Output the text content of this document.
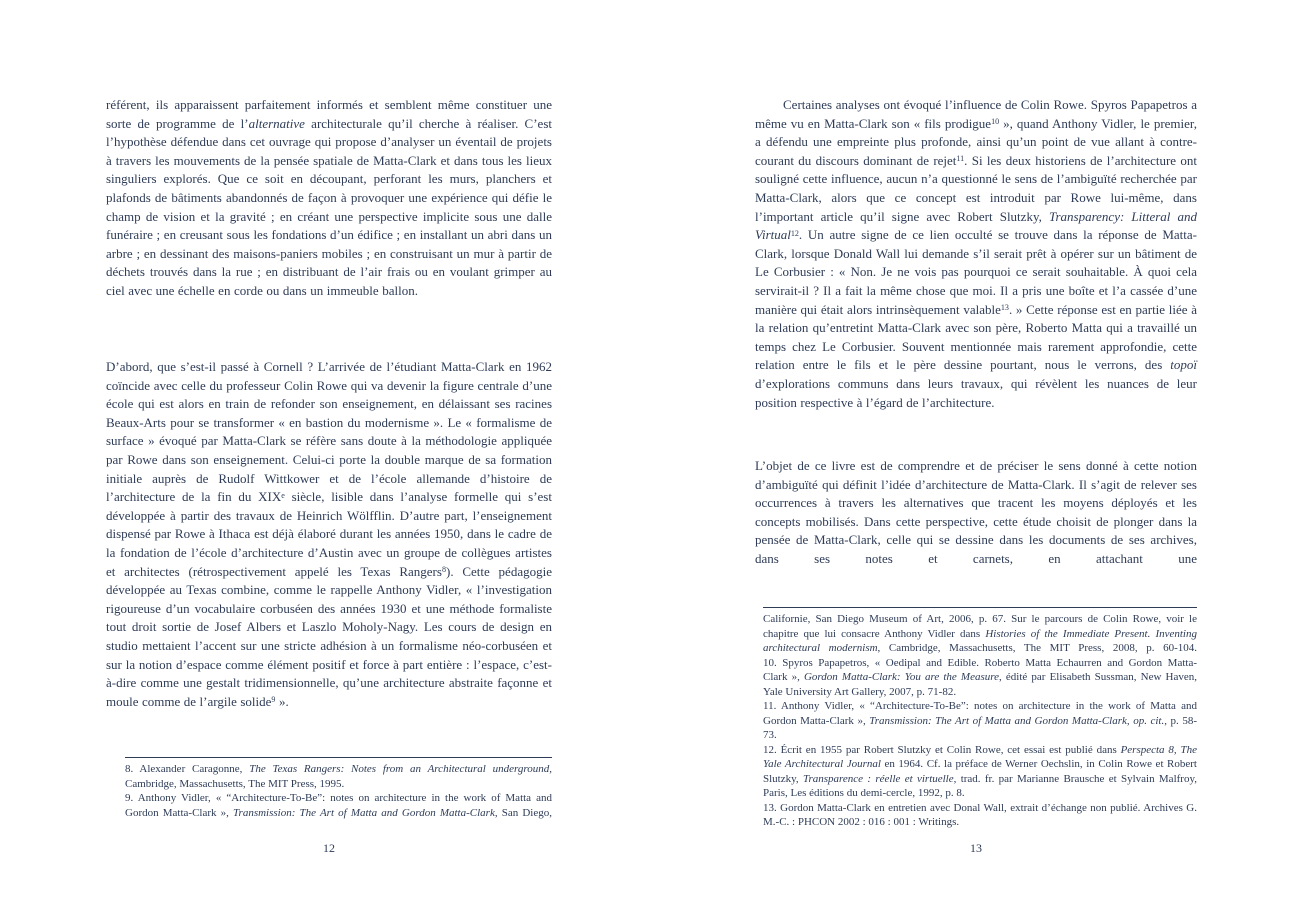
référent, ils apparaissent parfaitement informés et semblent même constituer une sorte de programme de l’alternative architecturale qu’il cherche à réaliser. C’est l’hypothèse défendue dans cet ouvrage qui propose d’analyser un éventail de projets à travers les mouvements de la pensée spatiale de Matta-Clark et dans tous les lieux singuliers explorés. Que ce soit en découpant, perforant les murs, planchers et plafonds de bâtiments abandonnés de façon à provoquer une expérience qui défie le champ de vision et la gravité ; en créant une perspective implicite sous une dalle funéraire ; en creusant sous les fondations d’un édifice ; en installant un abri dans un arbre ; en dessinant des maisons-paniers mobiles ; en construisant un mur à partir de déchets trouvés dans la rue ; en distribuant de l’air frais ou en voulant grimper au ciel avec une échelle en corde ou dans un immeuble ballon.

D’abord, que s’est-il passé à Cornell ? L’arrivée de l’étudiant Matta-Clark en 1962 coïncide avec celle du professeur Colin Rowe qui va devenir la figure centrale d’une école qui est alors en train de refonder son enseignement, en délaissant ses racines Beaux-Arts pour se transformer « en bastion du modernisme ». Le « formalisme de surface » évoqué par Matta-Clark se réfère sans doute à la méthodologie appliquée par Rowe dans son enseignement. Celui-ci porte la double marque de sa formation initiale auprès de Rudolf Wittkower et de l’école allemande d’histoire de l’architecture de la fin du XIXe siècle, lisible dans l’analyse formelle qui s’est développée à partir des travaux de Heinrich Wölfflin. D’autre part, l’enseignement dispensé par Rowe à Ithaca est déjà élaboré durant les années 1950, dans le cadre de la fondation de l’école d’architecture d’Austin avec un groupe de collègues artistes et architectes (rétrospectivement appelé les Texas Rangers$^8$). Cette pédagogie développée au Texas combine, comme le rappelle Anthony Vidler, « l’investigation rigoureuse d’un vocabulaire corbuséen des années 1930 et une méthode formaliste tout droit sortie de Josef Albers et Laszlo Moholy-Nagy. Les cours de design en studio mettaient l’accent sur une stricte adhésion à un formalisme néo-corbuséen et sur la notion d’espace comme élément positif et force à part entière : l’espace, c’est-à-dire comme une gestalt tridimensionnelle, qu’une architecture abstraite façonne et moule comme de l’argile solide$^9$ ».

8. Alexander Caragonne, The Texas Rangers: Notes from an Architectural underground, Cambridge, Massachusetts, The MIT Press, 1995.

9. Anthony Vidler, « “Architecture-To-Be”: notes on architecture in the work of Matta and Gordon Matta-Clark », Transmission: The Art of Matta and Gordon Matta-Clark, San Diego,

12

Certaines analyses ont évoqué l’influence de Colin Rowe. Spyros Papapetros a même vu en Matta-Clark son « fils prodigue$^{10}$ », quand Anthony Vidler, le premier, a défendu une empreinte plus profonde, ainsi qu’un point de vue allant à contre-courant du discours dominant de rejet$^{11}$. Si les deux historiens de l’architecture ont souligné cette influence, aucun n’a questionné le sens de l’ambiguïté recherchée par Matta-Clark, alors que ce concept est introduit par Rowe lui-même, dans l’important article qu’il signe avec Robert Slutzky, Transparency: Litteral and Virtual$^{12}$. Un autre signe de ce lien occulté se trouve dans la réponse de Matta-Clark, lorsque Donald Wall lui demande s’il serait prêt à opérer sur un bâtiment de Le Corbusier : « Non. Je ne vois pas pourquoi ce serait souhaitable. À quoi cela servirait-il ? Il a fait la même chose que moi. Il a pris une boîte et l’a cassée d’une manière qui était alors intrinsèquement valable$^{13}$. » Cette réponse est en partie liée à la relation qu’entretint Matta-Clark avec son père, Roberto Matta qui a travaillé un temps chez Le Corbusier. Souvent mentionnée mais rarement approfondie, cette relation entre le fils et le père dessine pourtant, nous le verrons, des topoï d’explorations communs dans leurs travaux, qui révèlent les nuances de leur position respective à l’égard de l’architecture.

L’objet de ce livre est de comprendre et de préciser le sens donné à cette notion d’ambiguïté qui définit l’idée d’architecture de Matta-Clark. Il s’agit de relever ses occurrences à travers les alternatives que tracent les moyens déployés et les concepts mobilisés. Dans cette perspective, cette étude choisit de plonger dans la pensée de Matta-Clark, celle qui se dessine dans les documents de ses archives, dans ses notes et carnets, en attachant une

Californie, San Diego Museum of Art, 2006, p. 67. Sur le parcours de Colin Rowe, voir le chapitre que lui consacre Anthony Vidler dans Histories of the Immediate Present. Inventing architectural modernism, Cambridge, Massachusetts, The MIT Press, 2008, p. 60-104.

10. Spyros Papapetros, « Oedipal and Edible. Roberto Matta Echaurren and Gordon Matta-Clark », Gordon Matta-Clark: You are the Measure, édité par Elisabeth Sussman, New Haven, Yale University Art Gallery, 2007, p. 71-82.

11. Anthony Vidler, « “Architecture-To-Be”: notes on architecture in the work of Matta and Gordon Matta-Clark », Transmission: The Art of Matta and Gordon Matta-Clark, op. cit., p. 58-73.

12. Écrit en 1955 par Robert Slutzky et Colin Rowe, cet essai est publié dans Perspecta 8, The Yale Architectural Journal en 1964. Cf. la préface de Werner Oechslin, in Colin Rowe et Robert Slutzky, Transparence : réelle et virtuelle, trad. fr. par Marianne Brausche et Sylvain Malfroy, Paris, Les éditions du demi-cercle, 1992, p. 8.

13. Gordon Matta-Clark en entretien avec Donal Wall, extrait d’échange non publié. Archives G. M.-C. : PHCON 2002 : 016 : 001 : Writings.

13
